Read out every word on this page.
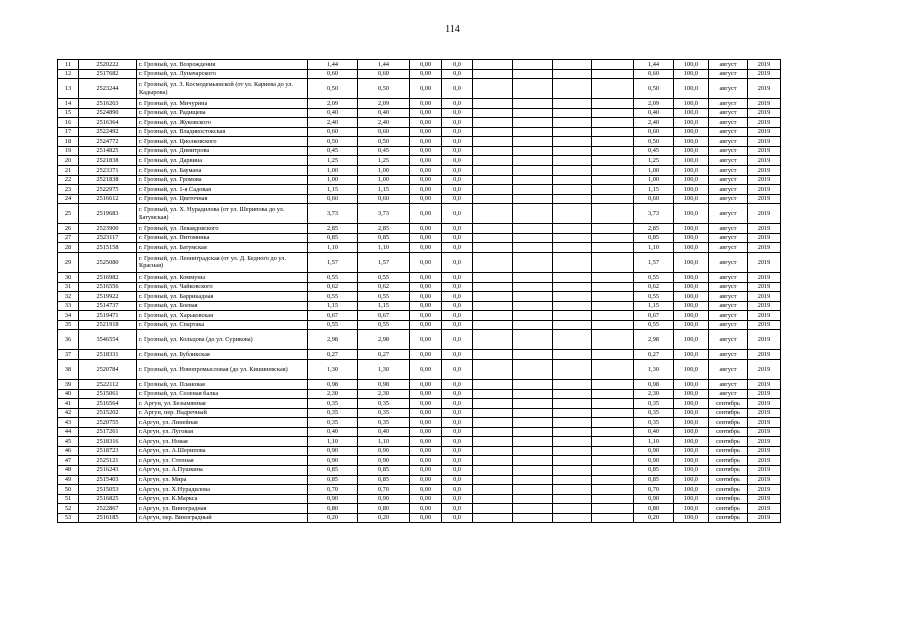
114
11	2520222	г. Грозный, ул. Возрождения	1,44	1,44	0,00	0,0					1,44	100,0	август	2019
12	2517682	г. Грозный, ул. Луначарского	0,60	0,60	0,00	0,0					0,60	100,0	август	2019
13	2523244	г. Грозный, ул. З. Космодемьянской (от ул. Кариева до ул. Кадырова)	0,50	0,50	0,00	0,0					0,50	100,0	август	2019
14	2516263	г. Грозный, ул. Мичурина	2,09	2,09	0,00	0,0					2,09	100,0	август	2019
15	2524890	г. Грозный, ул. Радищева	0,40	0,40	0,00	0,0					0,40	100,0	август	2019
16	2516364	г. Грозный, ул. Жуковского	2,40	2,40	0,00	0,0					2,40	100,0	август	2019
17	2522492	г. Грозный, ул. Владивостокская	0,60	0,60	0,00	0,0					0,60	100,0	август	2019
18	2524772	г. Грозный, ул. Циолковского	0,50	0,50	0,00	0,0					0,50	100,0	август	2019
19	2514825	г. Грозный, ул. Димитрова	0,45	0,45	0,00	0,0					0,45	100,0	август	2019
20	2521838	г. Грозный, ул. Дарвина	1,25	1,25	0,00	0,0					1,25	100,0	август	2019
21	2523371	г. Грозный, ул. Баумана	1,00	1,00	0,00	0,0					1,00	100,0	август	2019
22	2521838	г. Грозный, ул. Громова	1,00	1,00	0,00	0,0					1,00	100,0	август	2019
23	2522975	г. Грозный, ул. 1-я Садовая	1,15	1,15	0,00	0,0					1,15	100,0	август	2019
24	2516612	г. Грозный, ул. Цветочная	0,60	0,60	0,00	0,0					0,60	100,0	август	2019
25	2519683	г. Грозный, ул. Х. Нурадилова (от ул. Шерипова до ул. Батумская)	3,73	3,73	0,00	0,0					3,73	100,0	август	2019
26	2523900	г. Грозный, ул. Леваядовского	2,85	2,85	0,00	0,0					2,85	100,0	август	2019
27	2523117	г. Грозный, ул. Питомника	0,85	0,85	0,00	0,0					0,85	100,0	август	2019
28	2515158	г. Грозный, ул. Батумская	1,10	1,10	0,00	0,0					1,10	100,0	август	2019
29	2525080	г. Грозный, ул. Ленинградская (от ул. Д. Бедного до ул. Красная)	1,57	1,57	0,00	0,0					1,57	100,0	август	2019
30	2516982	г. Грозный, ул. Коммуны	0,55	0,55	0,00	0,0					0,55	100,0	август	2019
31	2516556	г. Грозный, ул. Чайковского	0,62	0,62	0,00	0,0					0,62	100,0	август	2019
32	2519922	г. Грозный, ул. Баррикадная	0,55	0,55	0,00	0,0					0,55	100,0	август	2019
33	2514737	г. Грозный, ул. Боевая	1,15	1,15	0,00	0,0					1,15	100,0	август	2019
34	2519471	г. Грозный, ул. Харьковская	0,67	0,67	0,00	0,0					0,67	100,0	август	2019
35	2521918	г. Грозный, ул. Спартака	0,55	0,55	0,00	0,0					0,55	100,0	август	2019
36	3546554	г. Грозный, ул. Кольцова (до ул. Сурикова)	2,98	2,98	0,00	0,0					2,98	100,0	август	2019
37	2518331	г. Грозный, ул. Бубликская	0,27	0,27	0,00	0,0					0,27	100,0	август	2019
38	2520784	г. Грозный, ул. Новопромысловая (до ул. Кишиневская)	1,30	1,30	0,00	0,0					1,30	100,0	август	2019
39	2522112	г. Грозный, ул. Плановая	0,98	0,98	0,00	0,0					0,98	100,0	август	2019
40	2515061	г. Грозный, ул. Соленая балка	2,30	2,30	0,00	0,0					2,30	100,0	август	2019
41	2516564	г. Аргун, ул. Безымянная	0,35	0,35	0,00	0,0					0,35	100,0	сентябрь	2019
42	2515202	г. Аргун, пер. Надречный	0,35	0,35	0,00	0,0					0,35	100,0	сентябрь	2019
43	2520755	г.Аргун, ул. Линейная	0,35	0,35	0,00	0,0					0,35	100,0	сентябрь	2019
44	2517261	г.Аргун, ул. Луговая	0,40	0,40	0,00	0,0					0,40	100,0	сентябрь	2019
45	2518316	г.Аргун, ул. Новая	1,10	1,10	0,00	0,0					1,10	100,0	сентябрь	2019
46	2518723	г.Аргун, ул. А.Шерипова	0,90	0,90	0,00	0,0					0,90	100,0	сентябрь	2019
47	2525121	г.Аргун, ул. Степная	0,90	0,90	0,00	0,0					0,90	100,0	сентябрь	2019
48	2516243	г.Аргун, ул. А.Пушкина	0,85	0,85	0,00	0,0					0,85	100,0	сентябрь	2019
49	2515403	г.Аргун, ул. Мира	0,85	0,85	0,00	0,0					0,85	100,0	сентябрь	2019
50	2515053	г.Аргун, ул. Х.Нурадилова	0,70	0,70	0,00	0,0					0,70	100,0	сентябрь	2019
51	2516825	г.Аргун, ул. К.Маркса	0,90	0,90	0,00	0,0					0,90	100,0	сентябрь	2019
52	2522867	г.Аргун, ул. Виноградная	0,80	0,80	0,00	0,0					0,80	100,0	сентябрь	2019
53	2516185	г.Аргун, пер. Виноградный	0,20	0,20	0,00	0,0					0,20	100,0	сентябрь	2019
